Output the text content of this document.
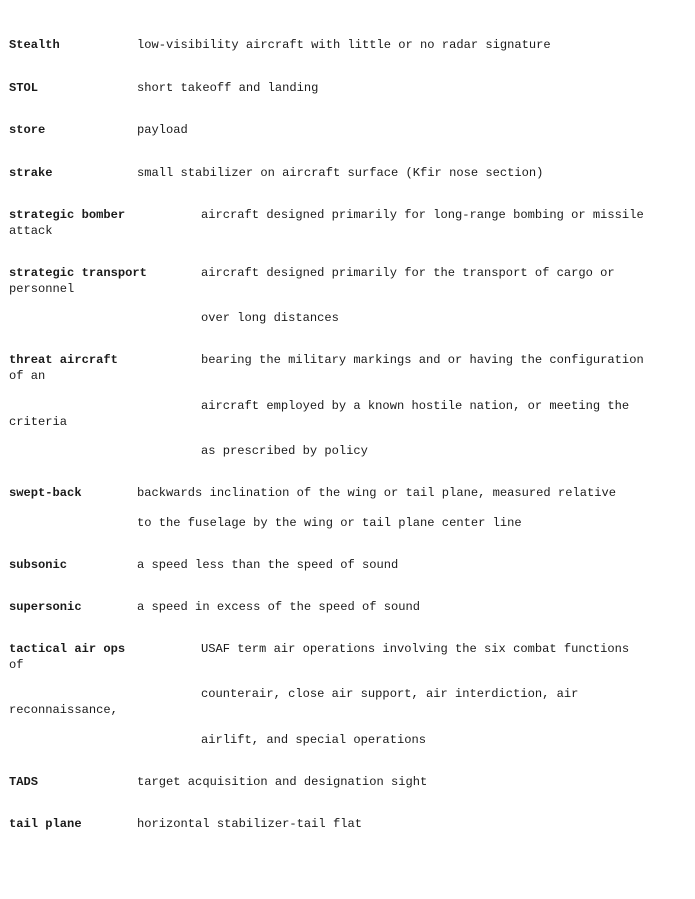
Stealth	low-visibility aircraft with little or no radar signature
STOL	short takeoff and landing
store	payload
strake	small stabilizer on aircraft surface (Kfir nose section)
strategic bomber	aircraft designed primarily for long-range bombing or missile
attack
strategic transport	aircraft designed primarily for the transport of cargo or
personnel
over long distances
threat aircraft	bearing the military markings and or having the configuration
of an
aircraft employed by a known hostile nation, or meeting the
criteria
as prescribed by policy
swept-back	backwards inclination of the wing or tail plane, measured relative
to the fuselage by the wing or tail plane center line
subsonic	a speed less than the speed of sound
supersonic	a speed in excess of the speed of sound
tactical air ops	USAF term air operations involving the six combat functions
of
counterair, close air support, air interdiction, air
reconnaissance,
airlift, and special operations
TADS	target acquisition and designation sight
tail plane	horizontal stabilizer-tail flat
